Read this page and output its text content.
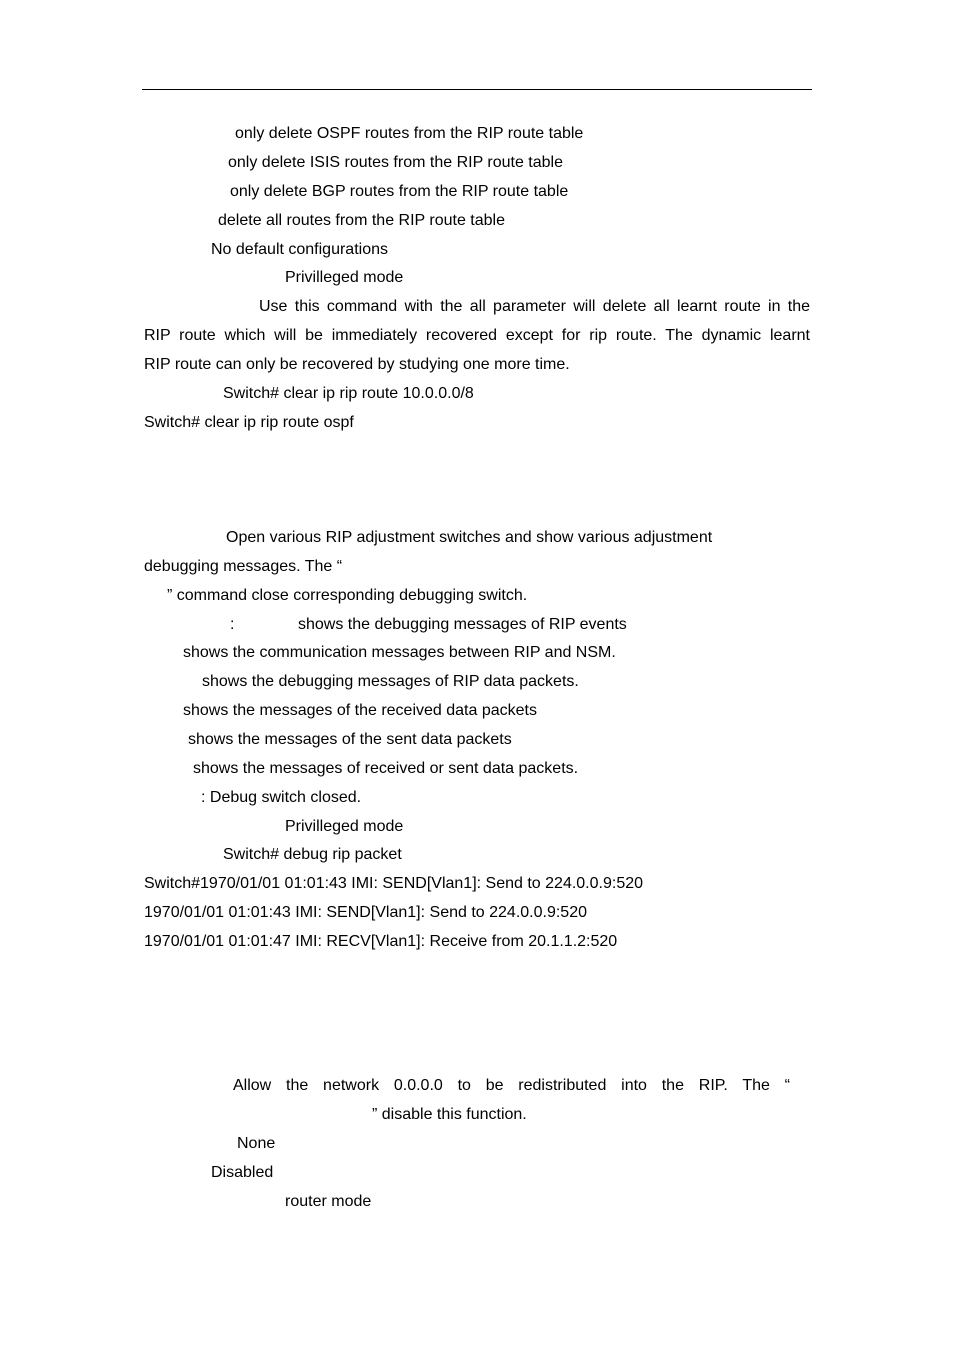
only delete OSPF routes from the RIP route table
only delete ISIS routes from the RIP route table
only delete BGP routes from the RIP route table
delete all routes from the RIP route table
No default configurations
Privilleged mode
Use this command with the all parameter will delete all learnt route in the
RIP route which will be immediately recovered except for rip route. The dynamic learnt
RIP route can only be recovered by studying one more time.
Switch# clear ip rip route 10.0.0.0/8
Switch# clear ip rip route ospf
Open various RIP adjustment switches and show various adjustment
debugging messages. The “
” command close corresponding debugging switch.
:	shows the debugging messages of RIP events
shows the communication messages between RIP and NSM.
shows the debugging messages of RIP data packets.
shows the messages of the received data packets
shows the messages of the sent data packets
shows the messages of received or sent data packets.
: Debug switch closed.
Privilleged mode
Switch# debug rip packet
Switch#1970/01/01 01:01:43 IMI: SEND[Vlan1]: Send to 224.0.0.9:520
1970/01/01 01:01:43 IMI: SEND[Vlan1]: Send to 224.0.0.9:520
1970/01/01 01:01:47 IMI: RECV[Vlan1]: Receive from 20.1.1.2:520
Allow the network 0.0.0.0 to be redistributed into the RIP. The “
” disable this function.
None
Disabled
router mode
